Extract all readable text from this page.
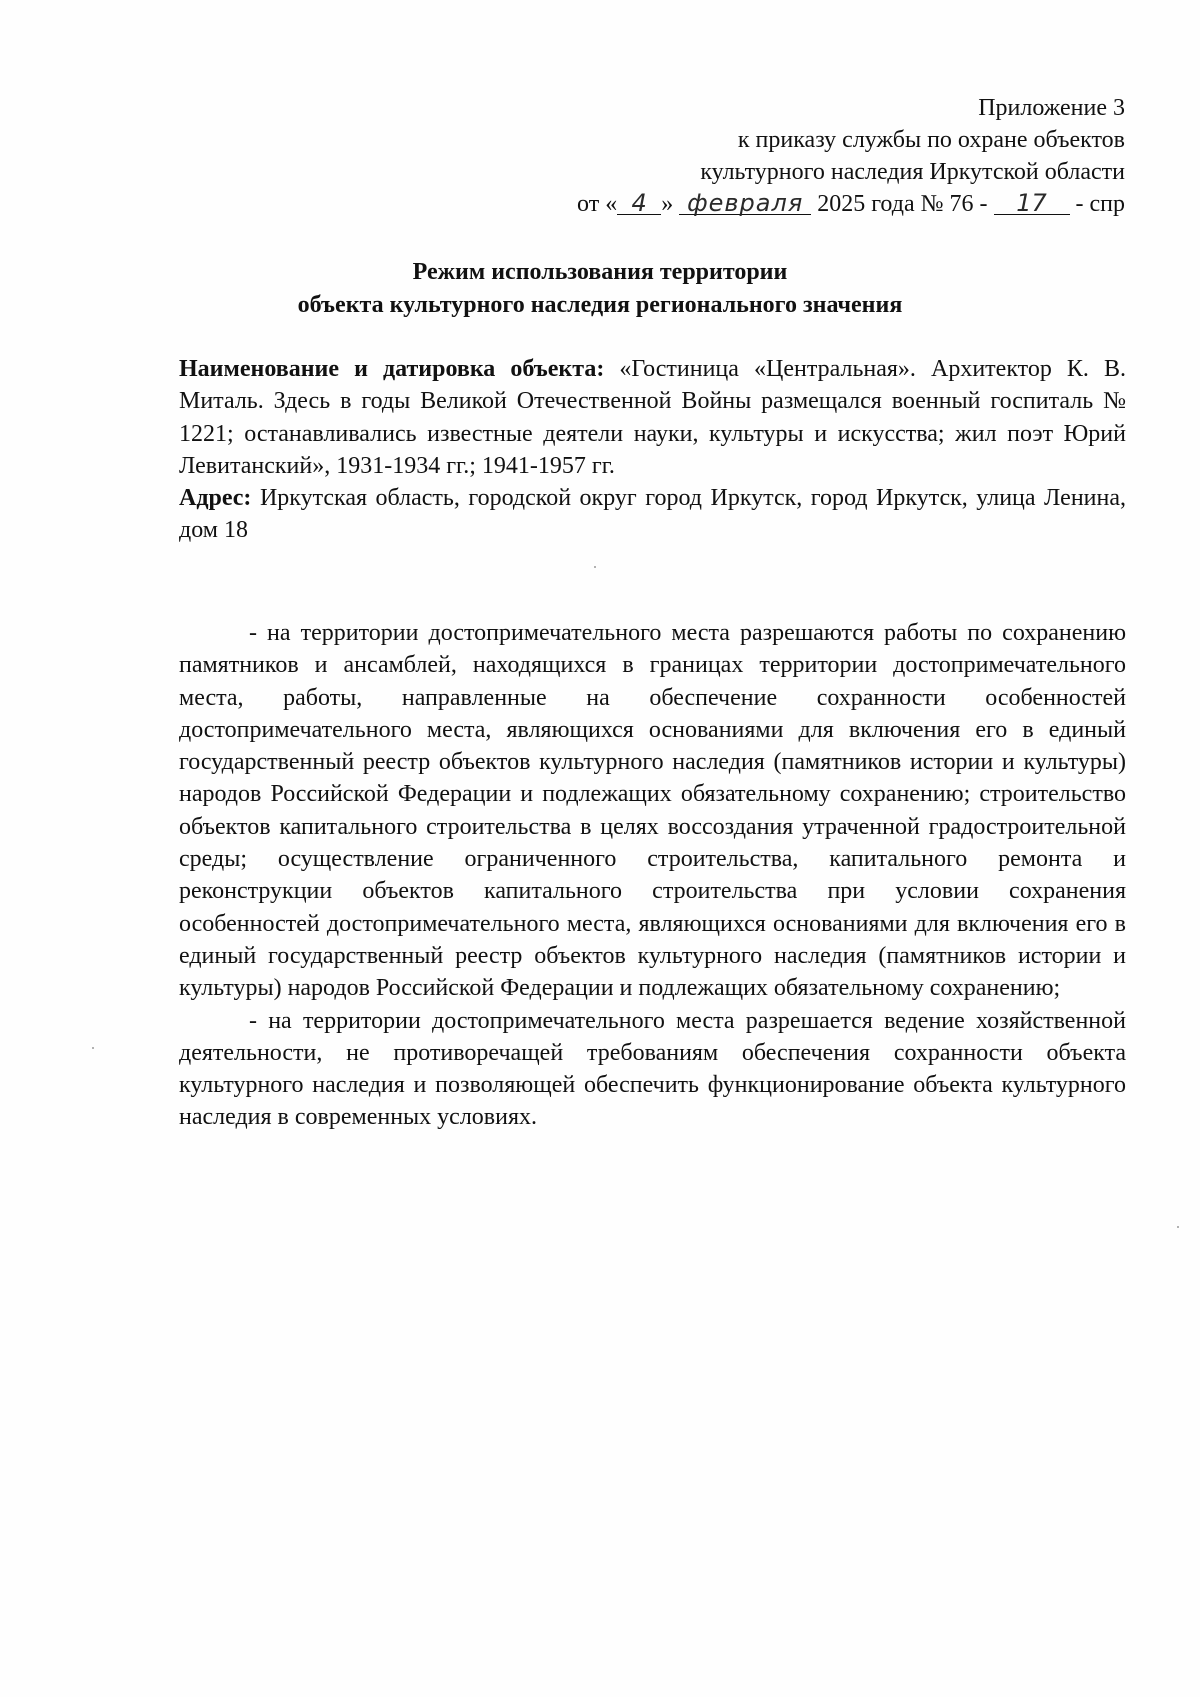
Приложение 3
к приказу службы по охране объектов
культурного наследия Иркутской области
от « 4 » февраля 2025 года № 76 - 17 - спр
Режим использования территории
объекта культурного наследия регионального значения

Наименование и датировка объекта: «Гостиница «Центральная». Архитектор К. В. Миталь. Здесь в годы Великой Отечественной Войны размещался военный госпиталь № 1221; останавливались известные деятели науки, культуры и искусства; жил поэт Юрий Левитанский», 1931-1934 гг.; 1941-1957 гг.

Адрес: Иркутская область, городской округ город Иркутск, город Иркутск, улица Ленина, дом 18

- на территории достопримечательного места разрешаются работы по сохранению памятников и ансамблей, находящихся в границах территории достопримечательного места, работы, направленные на обеспечение сохранности особенностей достопримечательного места, являющихся основаниями для включения его в единый государственный реестр объектов культурного наследия (памятников истории и культуры) народов Российской Федерации и подлежащих обязательному сохранению; строительство объектов капитального строительства в целях воссоздания утраченной градостроительной среды; осуществление ограниченного строительства, капитального ремонта и реконструкции объектов капитального строительства при условии сохранения особенностей достопримечательного места, являющихся основаниями для включения его в единый государственный реестр объектов культурного наследия (памятников истории и культуры) народов Российской Федерации и подлежащих обязательному сохранению;

- на территории достопримечательного места разрешается ведение хозяйственной деятельности, не противоречащей требованиям обеспечения сохранности объекта культурного наследия и позволяющей обеспечить функционирование объекта культурного наследия в современных условиях.
